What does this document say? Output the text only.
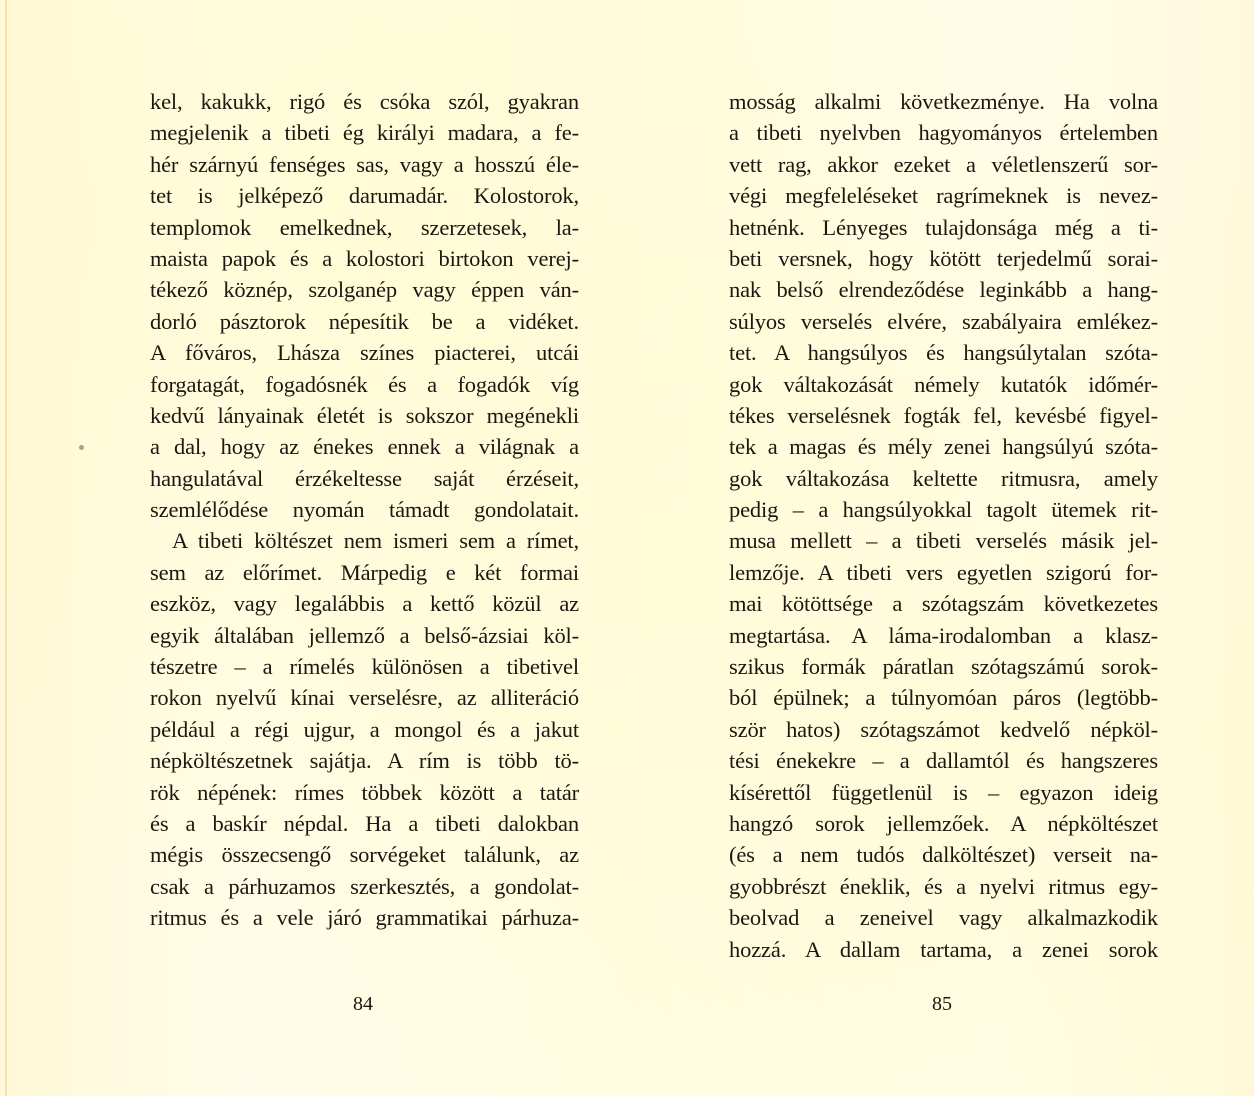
kel, kakukk, rigó és csóka szól, gyakran
megjelenik a tibeti ég királyi madara, a fe-
hér szárnyú fenséges sas, vagy a hosszú éle-
tet is jelképező darumadár. Kolostorok,
templomok emelkednek, szerzetesek, la-
maista papok és a kolostori birtokon verej-
tékező köznép, szolganép vagy éppen ván-
dorló pásztorok népesítik be a vidéket.
A főváros, Lhásza színes piacterei, utcái
forgatagát, fogadósnék és a fogadók víg
kedvű lányainak életét is sokszor megénekli
a dal, hogy az énekes ennek a világnak a
hangulatával érzékeltesse saját érzéseit,
szemlélődése nyomán támadt gondolatait.
A tibeti költészet nem ismeri sem a rímet,
sem az előrímet. Márpedig e két formai
eszköz, vagy legalábbis a kettő közül az
egyik általában jellemző a belső-ázsiai köl-
tészetre – a rímelés különösen a tibetivel
rokon nyelvű kínai verselésre, az alliteráció
például a régi ujgur, a mongol és a jakut
népköltészetnek sajátja. A rím is több tö-
rök népének: rímes többek között a tatár
és a baskír népdal. Ha a tibeti dalokban
mégis összecsengő sorvégeket találunk, az
csak a párhuzamos szerkesztés, a gondolat-
ritmus és a vele járó grammatikai párhuza-
mosság alkalmi következménye. Ha volna
a tibeti nyelvben hagyományos értelemben
vett rag, akkor ezeket a véletlenszerű sor-
végi megfeleléseket ragrímeknek is nevez-
hetnénk. Lényeges tulajdonsága még a ti-
beti versnek, hogy kötött terjedelmű sorai-
nak belső elrendeződése leginkább a hang-
súlyos verselés elvére, szabályaira emlékez-
tet. A hangsúlyos és hangsúlytalan szóta-
gok váltakozását némely kutatók időmér-
tékes verselésnek fogták fel, kevésbé figyel-
tek a magas és mély zenei hangsúlyú szóta-
gok váltakozása keltette ritmusra, amely
pedig – a hangsúlyokkal tagolt ütemek rit-
musa mellett – a tibeti verselés másik jel-
lemzője. A tibeti vers egyetlen szigorú for-
mai kötöttsége a szótagszám következetes
megtartása. A láma-irodalomban a klasz-
szikus formák páratlan szótagszámú sorok-
ból épülnek; a túlnyomóan páros (legtöbb-
ször hatos) szótagszámot kedvelő népköl-
tési énekekre – a dallamtól és hangszeres
kísérettől függetlenül is – egyazon ideig
hangzó sorok jellemzőek. A népköltészet
(és a nem tudós dalköltészet) verseit na-
gyobbrészt éneklik, és a nyelvi ritmus egy-
beolvad a zeneivel vagy alkalmazkodik
hozzá. A dallam tartama, a zenei sorok
84	85
